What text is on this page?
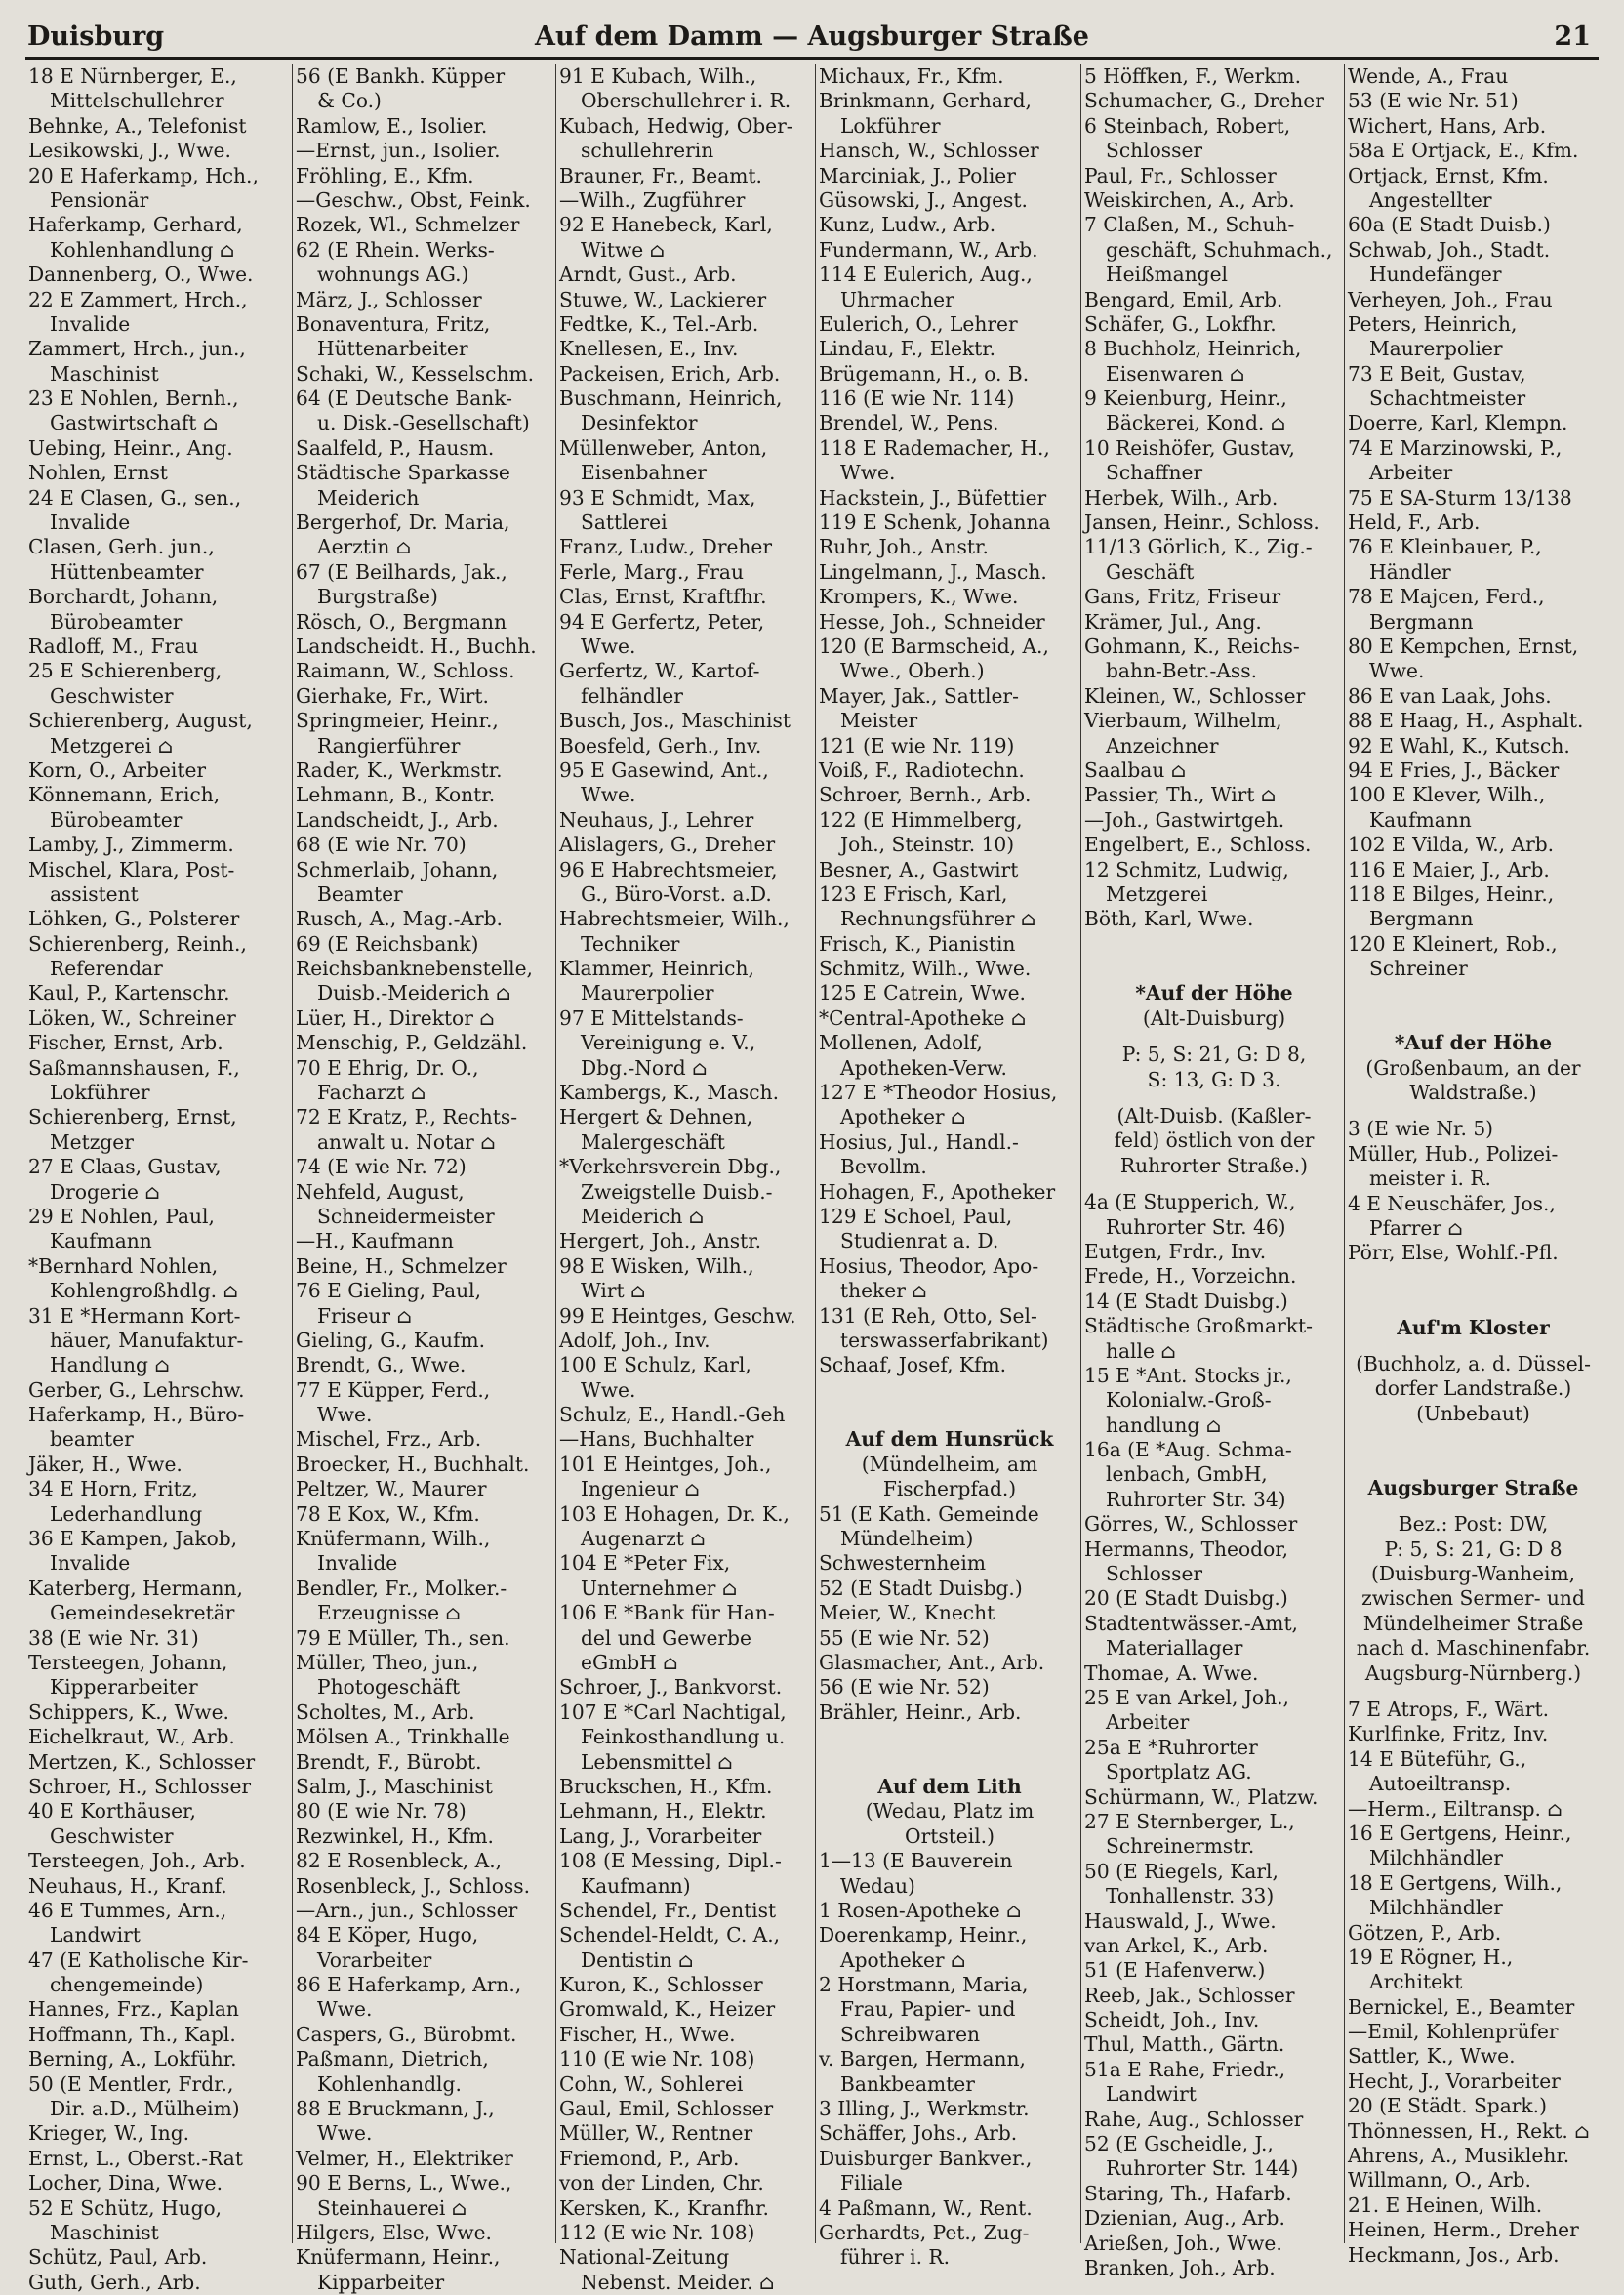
Duisburg	Auf dem Damm — Augsburger Straße	21
18 E Nürnberger, E.,
Mittelschullehrer
Behnke, A., Telefonist
Lesikowski, J., Wwe.
20 E Haferkamp, Hch.,
Pensionär
Haferkamp, Gerhard,
Kohlenhandlung ⌂
Dannenberg, O., Wwe.
22 E Zammert, Hrch.,
Invalide
Zammert, Hrch., jun.,
Maschinist
23 E Nohlen, Bernh.,
Gastwirtschaft ⌂
Uebing, Heinr., Ang.
Nohlen, Ernst
24 E Clasen, G., sen.,
Invalide
Clasen, Gerh. jun.,
Hüttenbeamter
Borchardt, Johann,
Bürobeamter
Radloff, M., Frau
25 E Schierenberg,
Geschwister
Schierenberg, August,
Metzgerei ⌂
Korn, O., Arbeiter
Könnemann, Erich,
Bürobeamter
Lamby, J., Zimmerm.
Mischel, Klara, Post-
assistent
Löhken, G., Polsterer
Schierenberg, Reinh.,
Referendar
Kaul, P., Kartenschr.
Löken, W., Schreiner
Fischer, Ernst, Arb.
Saßmannshausen, F.,
Lokführer
Schierenberg, Ernst,
Metzger
27 E Claas, Gustav,
Drogerie ⌂
29 E Nohlen, Paul,
Kaufmann
*Bernhard Nohlen,
Kohlengroßhdlg. ⌂
31 E *Hermann Kort-
häuer, Manufaktur-
Handlung ⌂
Gerber, G., Lehrschw.
Haferkamp, H., Büro-
beamter
Jäker, H., Wwe.
34 E Horn, Fritz,
Lederhandlung
36 E Kampen, Jakob,
Invalide
Katerberg, Hermann,
Gemeindesekretär
38 (E wie Nr. 31)
Tersteegen, Johann,
Kipperarbeiter
Schippers, K., Wwe.
Eichelkraut, W., Arb.
Mertzen, K., Schlosser
Schroer, H., Schlosser
40 E Korthäuser,
Geschwister
Tersteegen, Joh., Arb.
Neuhaus, H., Kranf.
46 E Tummes, Arn.,
Landwirt
47 (E Katholische Kir-
chengemeinde)
Hannes, Frz., Kaplan
Hoffmann, Th., Kapl.
Berning, A., Lokführ.
50 (E Mentler, Frdr.,
Dir. a.D., Mülheim)
Krieger, W., Ing.
Ernst, L., Oberst.-Rat
Locher, Dina, Wwe.
52 E Schütz, Hugo,
Maschinist
Schütz, Paul, Arb.
Guth, Gerh., Arb.
56 (E Bankh. Küpper
& Co.)
Ramlow, E., Isolier.
—Ernst, jun., Isolier.
Fröhling, E., Kfm.
—Geschw., Obst, Feink.
Rozek, Wl., Schmelzer
62 (E Rhein. Werks-
wohnungs AG.)
März, J., Schlosser
Bonaventura, Fritz,
Hüttenarbeiter
Schaki, W., Kesselschm.
64 (E Deutsche Bank-
u. Disk.-Gesellschaft)
Saalfeld, P., Hausm.
Städtische Sparkasse
Meiderich
Bergerhof, Dr. Maria,
Aerztin ⌂
67 (E Beilhards, Jak.,
Burgstraße)
Rösch, O., Bergmann
Landscheidt. H., Buchh.
Raimann, W., Schloss.
Gierhake, Fr., Wirt.
Springmeier, Heinr.,
Rangierführer
Rader, K., Werkmstr.
Lehmann, B., Kontr.
Landscheidt, J., Arb.
68 (E wie Nr. 70)
Schmerlaib, Johann,
Beamter
Rusch, A., Mag.-Arb.
69 (E Reichsbank)
Reichsbanknebenstelle,
Duisb.-Meiderich ⌂
Lüer, H., Direktor ⌂
Menschig, P., Geldzähl.
70 E Ehrig, Dr. O.,
Facharzt ⌂
72 E Kratz, P., Rechts-
anwalt u. Notar ⌂
74 (E wie Nr. 72)
Nehfeld, August,
Schneidermeister
—H., Kaufmann
Beine, H., Schmelzer
76 E Gieling, Paul,
Friseur ⌂
Gieling, G., Kaufm.
Brendt, G., Wwe.
77 E Küpper, Ferd.,
Wwe.
Mischel, Frz., Arb.
Broecker, H., Buchhalt.
Peltzer, W., Maurer
78 E Kox, W., Kfm.
Knüfermann, Wilh.,
Invalide
Bendler, Fr., Molker.-
Erzeugnisse ⌂
79 E Müller, Th., sen.
Müller, Theo, jun.,
Photogeschäft
Scholtes, M., Arb.
Mölsen A., Trinkhalle
Brendt, F., Bürobt.
Salm, J., Maschinist
80 (E wie Nr. 78)
Rezwinkel, H., Kfm.
82 E Rosenbleck, A.,
Rosenbleck, J., Schloss.
—Arn., jun., Schlosser
84 E Köper, Hugo,
Vorarbeiter
86 E Haferkamp, Arn.,
Wwe.
Caspers, G., Bürobmt.
Paßmann, Dietrich,
Kohlenhandlg.
88 E Bruckmann, J.,
Wwe.
Velmer, H., Elektriker
90 E Berns, L., Wwe.,
Steinhauerei ⌂
Hilgers, Else, Wwe.
Knüfermann, Heinr.,
Kipparbeiter
91 E Kubach, Wilh.,
Oberschullehrer i. R.
Kubach, Hedwig, Ober-
schullehrerin
Brauner, Fr., Beamt.
—Wilh., Zugführer
92 E Hanebeck, Karl,
Witwe ⌂
Arndt, Gust., Arb.
Stuwe, W., Lackierer
Fedtke, K., Tel.-Arb.
Knellesen, E., Inv.
Packeisen, Erich, Arb.
Buschmann, Heinrich,
Desinfektor
Müllenweber, Anton,
Eisenbahner
93 E Schmidt, Max,
Sattlerei
Franz, Ludw., Dreher
Ferle, Marg., Frau
Clas, Ernst, Kraftfhr.
94 E Gerfertz, Peter,
Wwe.
Gerfertz, W., Kartof-
felhändler
Busch, Jos., Maschinist
Boesfeld, Gerh., Inv.
95 E Gasewind, Ant.,
Wwe.
Neuhaus, J., Lehrer
Alislagers, G., Dreher
96 E Habrechtsmeier,
G., Büro-Vorst. a.D.
Habrechtsmeier, Wilh.,
Techniker
Klammer, Heinrich,
Maurerpolier
97 E Mittelstands-
Vereinigung e. V.,
Dbg.-Nord ⌂
Kambergs, K., Masch.
Hergert & Dehnen,
Malergeschäft
*Verkehrsverein Dbg.,
Zweigstelle Duisb.-
Meiderich ⌂
Hergert, Joh., Anstr.
98 E Wisken, Wilh.,
Wirt ⌂
99 E Heintges, Geschw.
Adolf, Joh., Inv.
100 E Schulz, Karl,
Wwe.
Schulz, E., Handl.-Geh
—Hans, Buchhalter
101 E Heintges, Joh.,
Ingenieur ⌂
103 E Hohagen, Dr. K.,
Augenarzt ⌂
104 E *Peter Fix,
Unternehmer ⌂
106 E *Bank für Han-
del und Gewerbe
eGmbH ⌂
Schroer, J., Bankvorst.
107 E *Carl Nachtigal,
Feinkosthandlung u.
Lebensmittel ⌂
Bruckschen, H., Kfm.
Lehmann, H., Elektr.
Lang, J., Vorarbeiter
108 (E Messing, Dipl.-
Kaufmann)
Schendel, Fr., Dentist
Schendel-Heldt, C. A.,
Dentistin ⌂
Kuron, K., Schlosser
Gromwald, K., Heizer
Fischer, H., Wwe.
110 (E wie Nr. 108)
Cohn, W., Sohlerei
Gaul, Emil, Schlosser
Müller, W., Rentner
Friemond, P., Arb.
von der Linden, Chr.
Kersken, K., Kranfhr.
112 (E wie Nr. 108)
National-Zeitung
Nebenst. Meider. ⌂
Michaux, Fr., Kfm.
Brinkmann, Gerhard,
Lokführer
Hansch, W., Schlosser
Marciniak, J., Polier
Güsowski, J., Angest.
Kunz, Ludw., Arb.
Fundermann, W., Arb.
114 E Eulerich, Aug.,
Uhrmacher
Eulerich, O., Lehrer
Lindau, F., Elektr.
Brügemann, H., o. B.
116 (E wie Nr. 114)
Brendel, W., Pens.
118 E Rademacher, H.,
Wwe.
Hackstein, J., Büfettier
119 E Schenk, Johanna
Ruhr, Joh., Anstr.
Lingelmann, J., Masch.
Krompers, K., Wwe.
Hesse, Joh., Schneider
120 (E Barmscheid, A.,
Wwe., Oberh.)
Mayer, Jak., Sattler-
Meister
121 (E wie Nr. 119)
Voiß, F., Radiotechn.
Schroer, Bernh., Arb.
122 (E Himmelberg,
Joh., Steinstr. 10)
Besner, A., Gastwirt
123 E Frisch, Karl,
Rechnungsführer ⌂
Frisch, K., Pianistin
Schmitz, Wilh., Wwe.
125 E Catrein, Wwe.
*Central-Apotheke ⌂
Mollenen, Adolf,
Apotheken-Verw.
127 E *Theodor Hosius,
Apotheker ⌂
Hosius, Jul., Handl.-
Bevollm.
Hohagen, F., Apotheker
129 E Schoel, Paul,
Studienrat a. D.
Hosius, Theodor, Apo-
theker ⌂
131 (E Reh, Otto, Sel-
terswasserfabrikant)
Schaaf, Josef, Kfm.
Auf dem Hunsrück
(Mündelheim, am
Fischerpfad.)
51 (E Kath. Gemeinde
Mündelheim)
Schwesternheim
52 (E Stadt Duisbg.)
Meier, W., Knecht
55 (E wie Nr. 52)
Glasmacher, Ant., Arb.
56 (E wie Nr. 52)
Brähler, Heinr., Arb.
Auf dem Lith
(Wedau, Platz im
Ortsteil.)
1—13 (E Bauverein
Wedau)
1 Rosen-Apotheke ⌂
Doerenkamp, Heinr.,
Apotheker ⌂
2 Horstmann, Maria,
Frau, Papier- und
Schreibwaren
v. Bargen, Hermann,
Bankbeamter
3 Illing, J., Werkmstr.
Schäffer, Johs., Arb.
Duisburger Bankver.,
Filiale
4 Paßmann, W., Rent.
Gerhardts, Pet., Zug-
führer i. R.
5 Höffken, F., Werkm.
Schumacher, G., Dreher
6 Steinbach, Robert,
Schlosser
Paul, Fr., Schlosser
Weiskirchen, A., Arb.
7 Claßen, M., Schuh-
geschäft, Schuhmach.,
Heißmangel
Bengard, Emil, Arb.
Schäfer, G., Lokfhr.
8 Buchholz, Heinrich,
Eisenwaren ⌂
9 Keienburg, Heinr.,
Bäckerei, Kond. ⌂
10 Reishöfer, Gustav,
Schaffner
Herbek, Wilh., Arb.
Jansen, Heinr., Schloss.
11/13 Görlich, K., Zig.-
Geschäft
Gans, Fritz, Friseur
Krämer, Jul., Ang.
Gohmann, K., Reichs-
bahn-Betr.-Ass.
Kleinen, W., Schlosser
Vierbaum, Wilhelm,
Anzeichner
Saalbau ⌂
Passier, Th., Wirt ⌂
—Joh., Gastwirtgeh.
Engelbert, E., Schloss.
12 Schmitz, Ludwig,
Metzgerei
Böth, Karl, Wwe.
*Auf der Höhe
(Alt-Duisburg)
P: 5, S: 21, G: D 8,
S: 13, G: D 3.
(Alt-Duisb. (Kaßler-
feld) östlich von der
Ruhrorter Straße.)
4a (E Stupperich, W.,
Ruhrorter Str. 46)
Eutgen, Frdr., Inv.
Frede, H., Vorzeichn.
14 (E Stadt Duisbg.)
Städtische Großmarkt-
halle ⌂
15 E *Ant. Stocks jr.,
Kolonialw.-Groß-
handlung ⌂
16a (E *Aug. Schma-
lenbach, GmbH,
Ruhrorter Str. 34)
Görres, W., Schlosser
Hermanns, Theodor,
Schlosser
20 (E Stadt Duisbg.)
Stadtentwässer.-Amt,
Materiallager
Thomae, A. Wwe.
25 E van Arkel, Joh.,
Arbeiter
25a E *Ruhrorter
Sportplatz AG.
Schürmann, W., Platzw.
27 E Sternberger, L.,
Schreinermstr.
50 (E Riegels, Karl,
Tonhallenstr. 33)
Hauswald, J., Wwe.
van Arkel, K., Arb.
51 (E Hafenverw.)
Reeb, Jak., Schlosser
Scheidt, Joh., Inv.
Thul, Matth., Gärtn.
51a E Rahe, Friedr.,
Landwirt
Rahe, Aug., Schlosser
52 (E Gscheidle, J.,
Ruhrorter Str. 144)
Staring, Th., Hafarb.
Dzienian, Aug., Arb.
Arießen, Joh., Wwe.
Branken, Joh., Arb.
Wende, A., Frau
53 (E wie Nr. 51)
Wichert, Hans, Arb.
58a E Ortjack, E., Kfm.
Ortjack, Ernst, Kfm.
Angestellter
60a (E Stadt Duisb.)
Schwab, Joh., Stadt.
Hundefänger
Verheyen, Joh., Frau
Peters, Heinrich,
Maurerpolier
73 E Beit, Gustav,
Schachtmeister
Doerre, Karl, Klempn.
74 E Marzinowski, P.,
Arbeiter
75 E SA-Sturm 13/138
Held, F., Arb.
76 E Kleinbauer, P.,
Händler
78 E Majcen, Ferd.,
Bergmann
80 E Kempchen, Ernst,
Wwe.
86 E van Laak, Johs.
88 E Haag, H., Asphalt.
92 E Wahl, K., Kutsch.
94 E Fries, J., Bäcker
100 E Klever, Wilh.,
Kaufmann
102 E Vilda, W., Arb.
116 E Maier, J., Arb.
118 E Bilges, Heinr.,
Bergmann
120 E Kleinert, Rob.,
Schreiner
*Auf der Höhe
(Großenbaum, an der
Waldstraße.)
3 (E wie Nr. 5)
Müller, Hub., Polizei-
meister i. R.
4 E Neuschäfer, Jos.,
Pfarrer ⌂
Pörr, Else, Wohlf.-Pfl.
Auf'm Kloster
(Buchholz, a. d. Düssel-
dorfer Landstraße.)
(Unbebaut)
Augsburger Straße
Bez.: Post: DW,
P: 5, S: 21, G: D 8
(Duisburg-Wanheim,
zwischen Sermer- und
Mündelheimer Straße
nach d. Maschinenfabr.
Augsburg-Nürnberg.)
7 E Atrops, F., Wärt.
Kurlfinke, Fritz, Inv.
14 E Büteführ, G.,
Autoeiltransp.
—Herm., Eiltransp. ⌂
16 E Gertgens, Heinr.,
Milchhändler
18 E Gertgens, Wilh.,
Milchhändler
Götzen, P., Arb.
19 E Rögner, H.,
Architekt
Bernickel, E., Beamter
—Emil, Kohlenprüfer
Sattler, K., Wwe.
Hecht, J., Vorarbeiter
20 (E Städt. Spark.)
Thönnessen, H., Rekt. ⌂
Ahrens, A., Musiklehr.
Willmann, O., Arb.
21. E Heinen, Wilh.
Heinen, Herm., Dreher
Heckmann, Jos., Arb.
